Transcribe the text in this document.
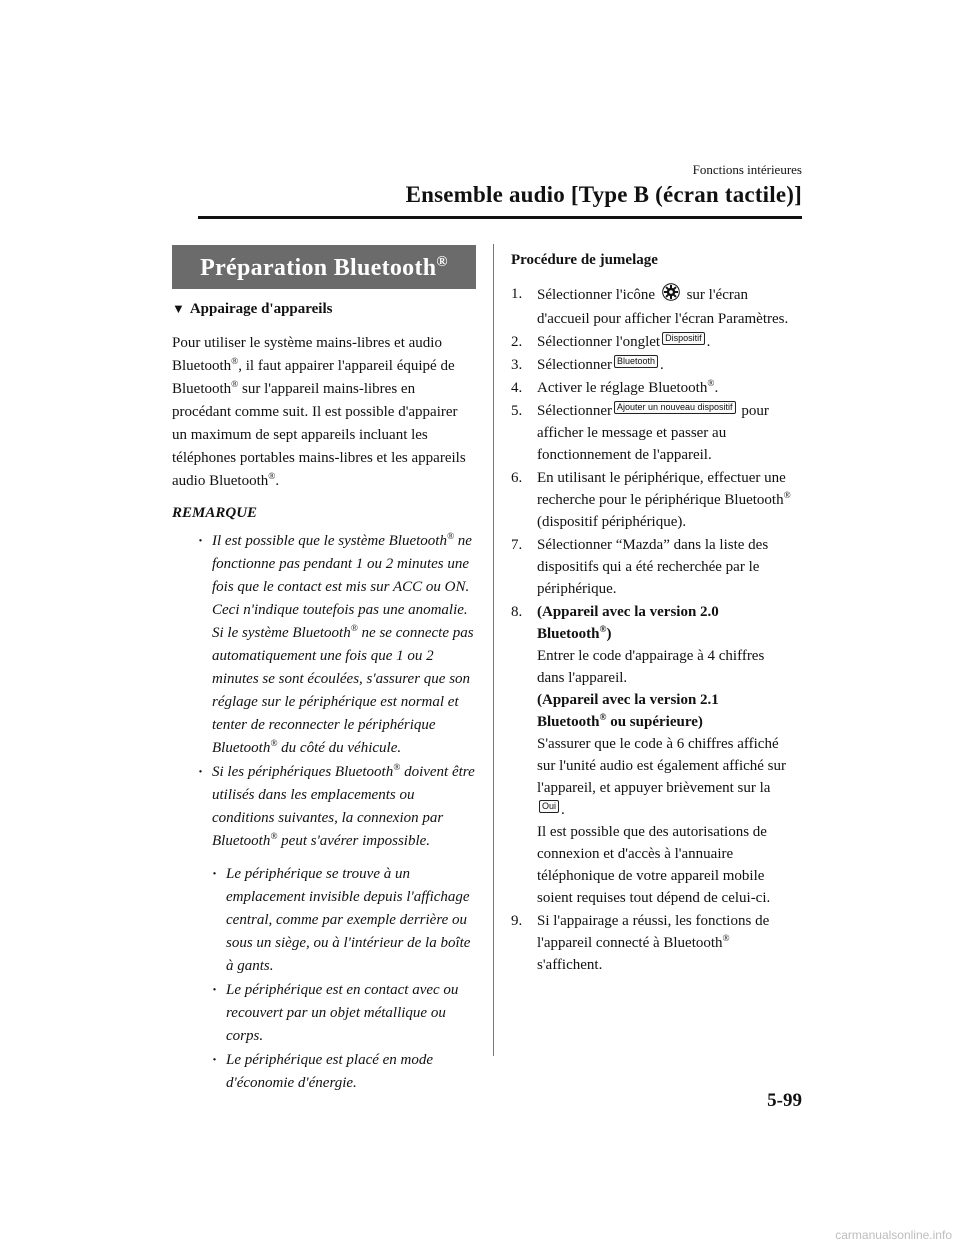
Fonctions intérieures
Ensemble audio [Type B (écran tactile)]
Préparation Bluetooth®
▼ Appairage d'appareils
Pour utiliser le système mains-libres et audio Bluetooth®, il faut appairer l'appareil équipé de Bluetooth® sur l'appareil mains-libres en procédant comme suit. Il est possible d'appairer un maximum de sept appareils incluant les téléphones portables mains-libres et les appareils audio Bluetooth®.
REMARQUE
· Il est possible que le système Bluetooth® ne fonctionne pas pendant 1 ou 2 minutes une fois que le contact est mis sur ACC ou ON. Ceci n'indique toutefois pas une anomalie. Si le système Bluetooth® ne se connecte pas automatiquement une fois que 1 ou 2 minutes se sont écoulées, s'assurer que son réglage sur le périphérique est normal et tenter de reconnecter le périphérique Bluetooth® du côté du véhicule.
· Si les périphériques Bluetooth® doivent être utilisés dans les emplacements ou conditions suivantes, la connexion par Bluetooth® peut s'avérer impossible.
· Le périphérique se trouve à un emplacement invisible depuis l'affichage central, comme par exemple derrière ou sous un siège, ou à l'intérieur de la boîte à gants.
· Le périphérique est en contact avec ou recouvert par un objet métallique ou corps.
· Le périphérique est placé en mode d'économie d'énergie.
Procédure de jumelage
1. Sélectionner l'icône sur l'écran d'accueil pour afficher l'écran Paramètres.
2. Sélectionner l'onglet Dispositif .
3. Sélectionner Bluetooth .
4. Activer le réglage Bluetooth®.
5. Sélectionner Ajouter un nouveau dispositif pour afficher le message et passer au fonctionnement de l'appareil.
6. En utilisant le périphérique, effectuer une recherche pour le périphérique Bluetooth® (dispositif périphérique).
7. Sélectionner “Mazda” dans la liste des dispositifs qui a été recherchée par le périphérique.
8. (Appareil avec la version 2.0 Bluetooth®)
Entrer le code d'appairage à 4 chiffres dans l'appareil.
(Appareil avec la version 2.1 Bluetooth® ou supérieure)
S'assurer que le code à 6 chiffres affiché sur l'unité audio est également affiché sur l'appareil, et appuyer brièvement sur laOui .
Il est possible que des autorisations de connexion et d'accès à l'annuaire téléphonique de votre appareil mobile soient requises tout dépend de celui-ci.
9. Si l'appairage a réussi, les fonctions de l'appareil connecté à Bluetooth® s'affichent.
5-99
carmanualsonline.info
